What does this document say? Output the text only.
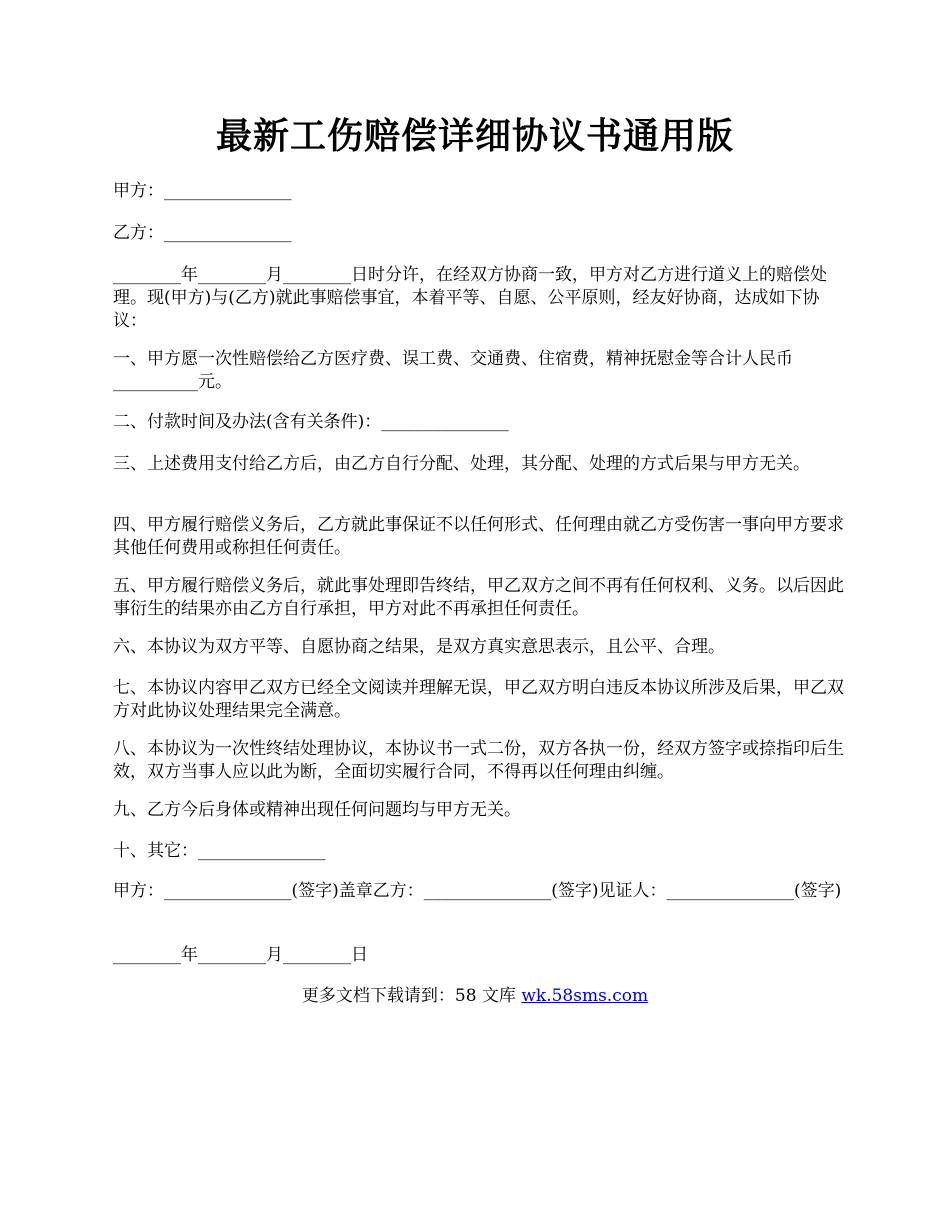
最新工伤赔偿详细协议书通用版

甲方：_______________

乙方：_______________

________年________月________日时分许，在经双方协商一致，甲方对乙方进行道义上的赔偿处理。现(甲方)与(乙方)就此事赔偿事宜，本着平等、自愿、公平原则，经友好协商，达成如下协议：

一、甲方愿一次性赔偿给乙方医疗费、误工费、交通费、住宿费，精神抚慰金等合计人民币__________元。

二、付款时间及办法(含有关条件)：_______________

三、上述费用支付给乙方后，由乙方自行分配、处理，其分配、处理的方式后果与甲方无关。

四、甲方履行赔偿义务后，乙方就此事保证不以任何形式、任何理由就乙方受伤害一事向甲方要求其他任何费用或称担任何责任。

五、甲方履行赔偿义务后，就此事处理即告终结，甲乙双方之间不再有任何权利、义务。以后因此事衍生的结果亦由乙方自行承担，甲方对此不再承担任何责任。

六、本协议为双方平等、自愿协商之结果，是双方真实意思表示，且公平、合理。

七、本协议内容甲乙双方已经全文阅读并理解无误，甲乙双方明白违反本协议所涉及后果，甲乙双方对此协议处理结果完全满意。

八、本协议为一次性终结处理协议，本协议书一式二份，双方各执一份，经双方签字或捺指印后生效，双方当事人应以此为断，全面切实履行合同，不得再以任何理由纠缠。

九、乙方今后身体或精神出现任何问题均与甲方无关。

十、其它：_______________

甲方：_______________(签字)盖章乙方：_______________(签字)见证人：_______________(签字)

________年________月________日

更多文档下载请到：58 文库 wk.58sms.com
